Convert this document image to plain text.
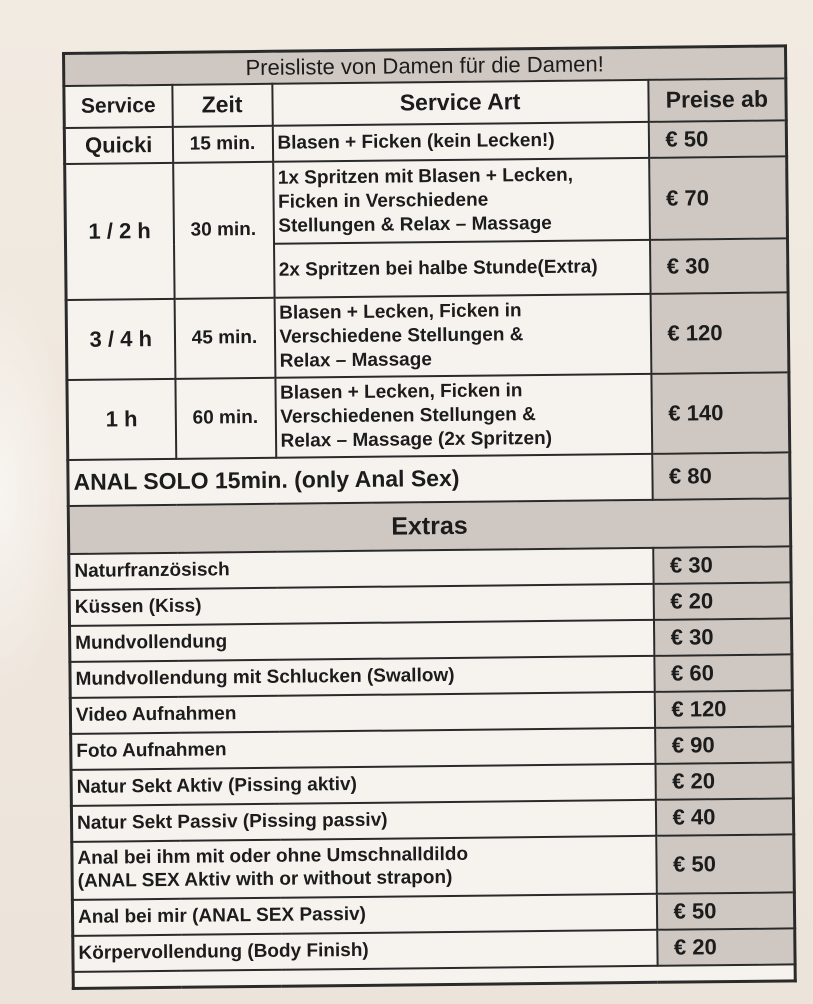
Preisliste von Damen für die Damen!			
Service	Zeit	Service Art	Preise ab
Quicki	15 min.	Blasen + Ficken (kein Lecken!)	€ 50
1 / 2 h	30 min.	1x Spritzen mit Blasen + Lecken,
Ficken in Verschiedene
Stellungen & Relax – Massage	€ 70
		2x Spritzen bei halbe Stunde(Extra)	€ 30
3 / 4 h	45 min.	Blasen + Lecken, Ficken in
Verschiedene Stellungen &
Relax – Massage	€ 120
1 h	60 min.	Blasen + Lecken, Ficken in
Verschiedenen Stellungen &
Relax – Massage (2x Spritzen)	€ 140
ANAL SOLO 15min. (only Anal Sex)			€ 80
Extras			
Naturfranzösisch			€ 30
Küssen (Kiss)			€ 20
Mundvollendung			€ 30
Mundvollendung mit Schlucken (Swallow)			€ 60
Video Aufnahmen			€ 120
Foto Aufnahmen			€ 90
Natur Sekt Aktiv (Pissing aktiv)			€ 20
Natur Sekt Passiv (Pissing passiv)			€ 40

Anal bei ihm mit oder ohne Umschnalldildo
(ANAL SEX Aktiv with or without strapon)			€ 50
Anal bei mir (ANAL SEX Passiv)			€ 50
Körpervollendung (Body Finish)			€ 20
